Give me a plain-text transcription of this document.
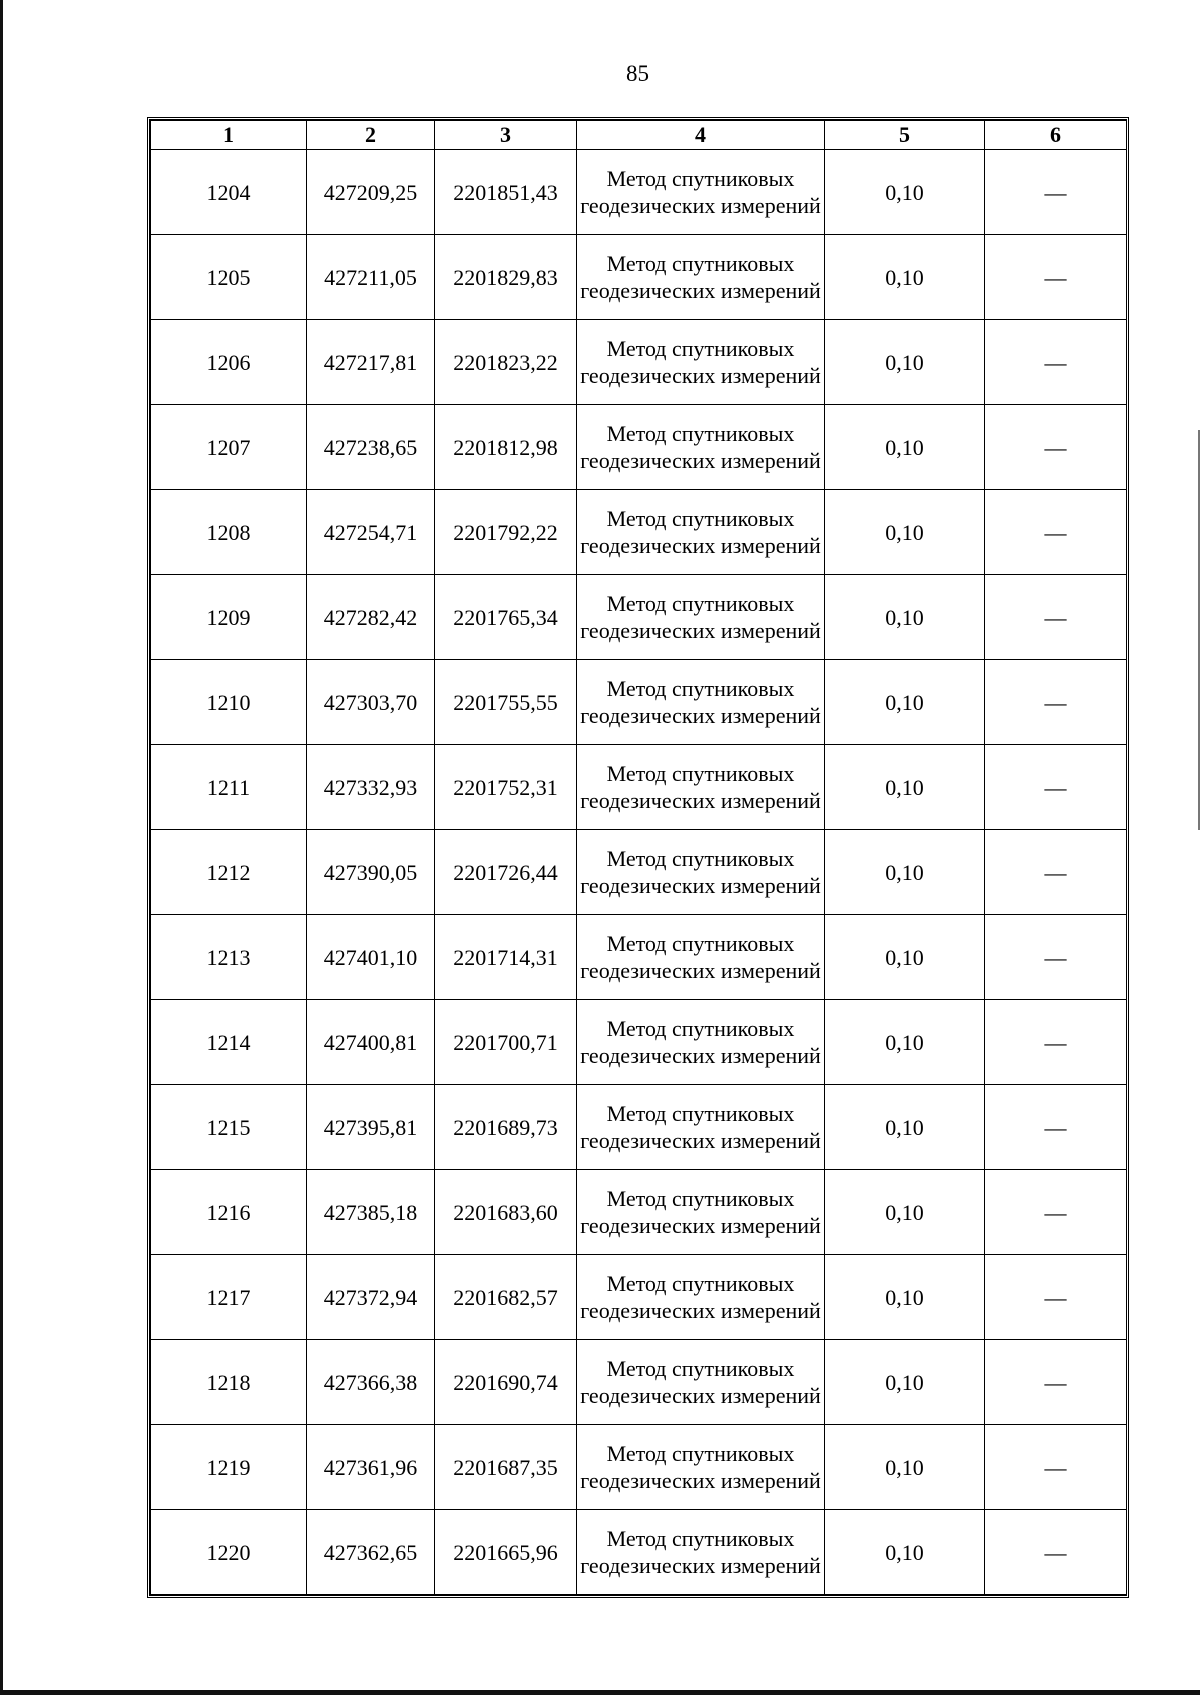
85
1	2	3	4	5	6
1204	427209,25	2201851,43	Метод спутниковых геодезических измерений	0,10	—
1205	427211,05	2201829,83	Метод спутниковых геодезических измерений	0,10	—
1206	427217,81	2201823,22	Метод спутниковых геодезических измерений	0,10	—
1207	427238,65	2201812,98	Метод спутниковых геодезических измерений	0,10	—
1208	427254,71	2201792,22	Метод спутниковых геодезических измерений	0,10	—
1209	427282,42	2201765,34	Метод спутниковых геодезических измерений	0,10	—
1210	427303,70	2201755,55	Метод спутниковых геодезических измерений	0,10	—
1211	427332,93	2201752,31	Метод спутниковых геодезических измерений	0,10	—
1212	427390,05	2201726,44	Метод спутниковых геодезических измерений	0,10	—
1213	427401,10	2201714,31	Метод спутниковых геодезических измерений	0,10	—
1214	427400,81	2201700,71	Метод спутниковых геодезических измерений	0,10	—
1215	427395,81	2201689,73	Метод спутниковых геодезических измерений	0,10	—
1216	427385,18	2201683,60	Метод спутниковых геодезических измерений	0,10	—
1217	427372,94	2201682,57	Метод спутниковых геодезических измерений	0,10	—
1218	427366,38	2201690,74	Метод спутниковых геодезических измерений	0,10	—
1219	427361,96	2201687,35	Метод спутниковых геодезических измерений	0,10	—
1220	427362,65	2201665,96	Метод спутниковых геодезических измерений	0,10	—
